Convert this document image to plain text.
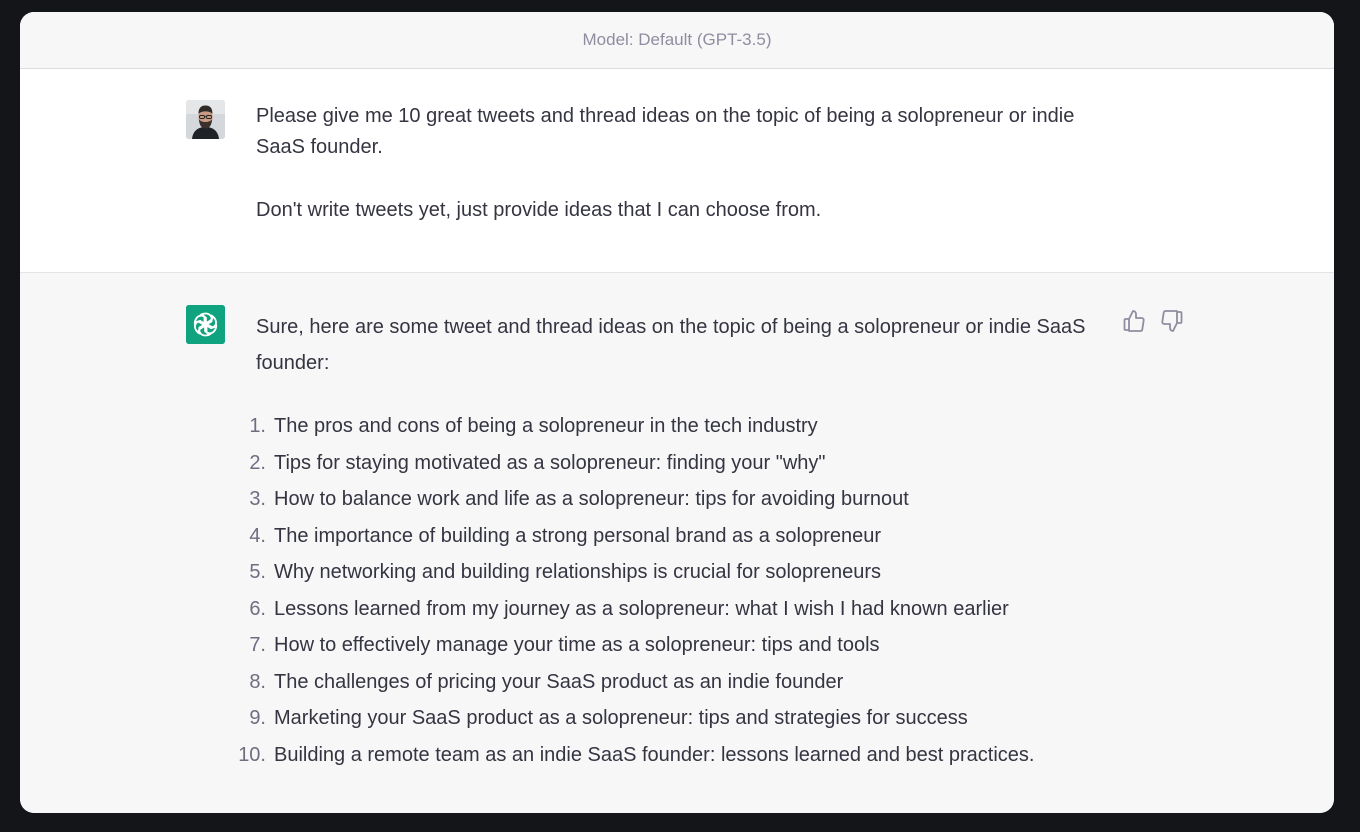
Model: Default (GPT-3.5)

Please give me 10 great tweets and thread ideas on the topic of being a solopreneur or indie SaaS founder.

Don't write tweets yet, just provide ideas that I can choose from.

Sure, here are some tweet and thread ideas on the topic of being a solopreneur or indie SaaS founder:

1. The pros and cons of being a solopreneur in the tech industry
2. Tips for staying motivated as a solopreneur: finding your "why"
3. How to balance work and life as a solopreneur: tips for avoiding burnout
4. The importance of building a strong personal brand as a solopreneur
5. Why networking and building relationships is crucial for solopreneurs
6. Lessons learned from my journey as a solopreneur: what I wish I had known earlier
7. How to effectively manage your time as a solopreneur: tips and tools
8. The challenges of pricing your SaaS product as an indie founder
9. Marketing your SaaS product as a solopreneur: tips and strategies for success
10. Building a remote team as an indie SaaS founder: lessons learned and best practices.
